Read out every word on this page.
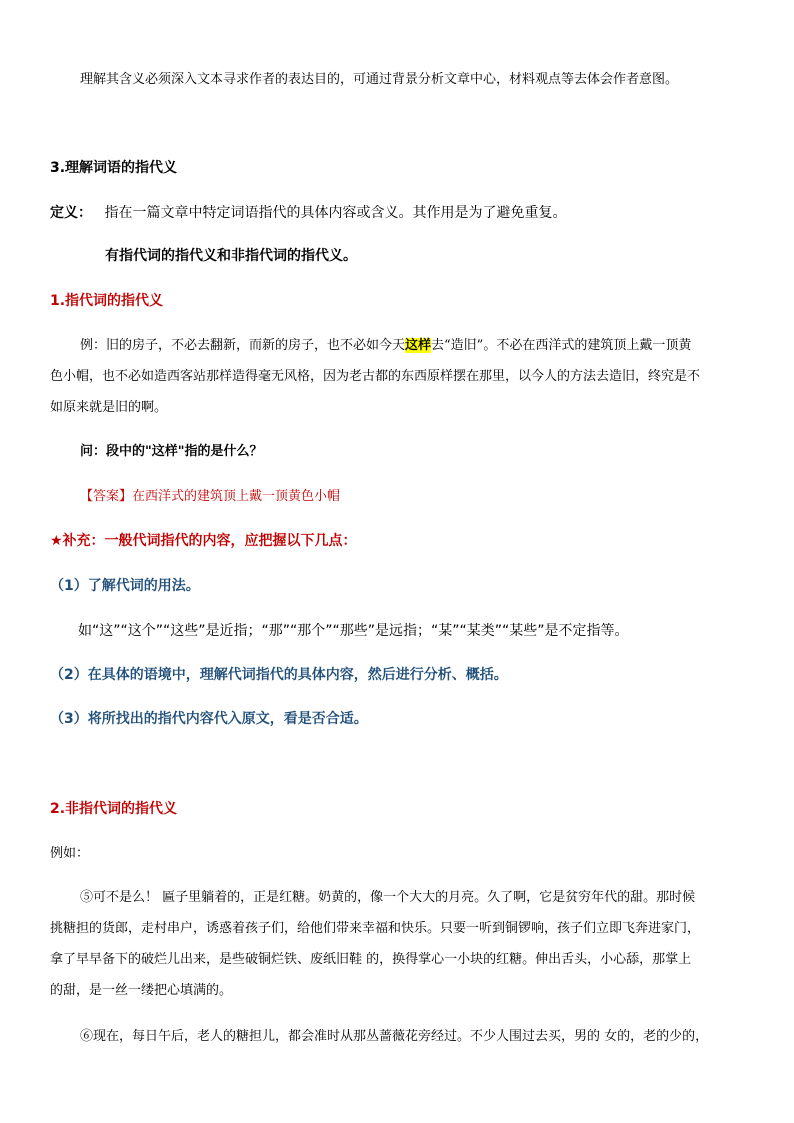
理解其含义必须深入文本寻求作者的表达目的，可通过背景分析文章中心，材料观点等去体会作者意图。
3.理解词语的指代义
定义： 指在一篇文章中特定词语指代的具体内容或含义。其作用是为了避免重复。
有指代词的指代义和非指代词的指代义。
1.指代词的指代义
例：旧的房子，不必去翻新，而新的房子，也不必如今天这样去“造旧”。不必在西洋式的建筑顶上戴一顶黄
色小帽，也不必如造西客站那样造得毫无风格，因为老古都的东西原样摆在那里，以今人的方法去造旧，终究是不
如原来就是旧的啊。
问：段中的"这样"指的是什么？
【答案】在西洋式的建筑顶上戴一顶黄色小帽
★补充：一般代词指代的内容，应把握以下几点：
（1）了解代词的用法。
如“这”“这个”“这些”是近指；“那”“那个”“那些”是远指；“某”“某类”“某些”是不定指等。
（2）在具体的语境中，理解代词指代的具体内容，然后进行分析、概括。
（3）将所找出的指代内容代入原文，看是否合适。
2.非指代词的指代义
例如：
⑤可不是么！ 匾子里躺着的，正是红糖。奶黄的，像一个大大的月亮。久了啊，它是贫穷年代的甜。那时候
挑糖担的货郎，走村串户，诱惑着孩子们，给他们带来幸福和快乐。只要一听到铜锣响，孩子们立即飞奔进家门，
拿了早早备下的破烂儿出来，是些破铜烂铁、废纸旧鞋 的，换得掌心一小块的红糖。伸出舌头，小心舔，那掌上
的甜，是一丝一缕把心填满的。
⑥现在，每日午后，老人的糖担儿，都会准时从那丛蔷薇花旁经过。不少人围过去买，男的 女的，老的少的，
